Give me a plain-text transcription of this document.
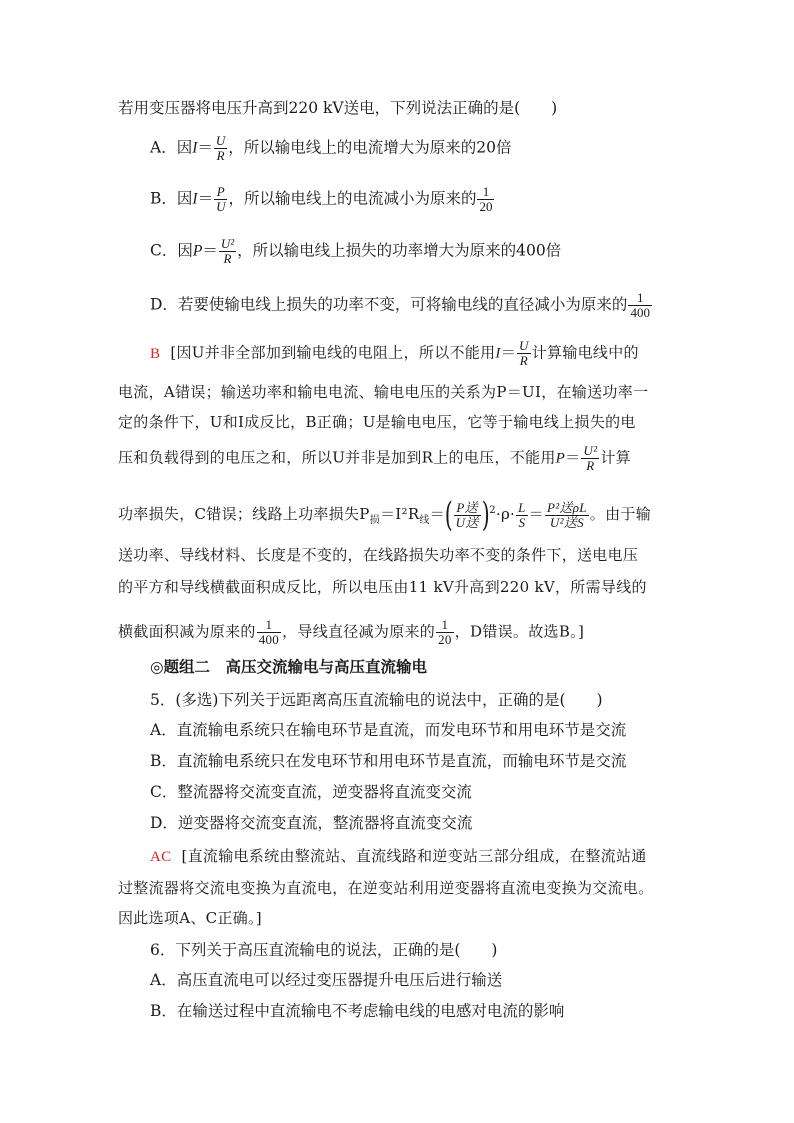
若用变压器将电压升高到220 kV送电，下列说法正确的是(　　)
A．因$I= \frac{U}{R}$ ，所以输电线上的电流增大为原来的20倍
B．因$I= \frac{P}{U}$ ，所以输电线上的电流减小为原来的 $\frac{1}{20}$
C．因$P= \frac{\text{U²}}{R}$ ，所以输电线上损失的功率增大为原来的400倍
D．若要使输电线上损失的功率不变，可将输电线的直径减小为原来的 $\frac{1}{400}$
B [因U并非全部加到输电线的电阻上，所以不能用$I= \frac{U}{R}$ 计算输电线中的
电流，A错误；输送功率和输电电流、输电电压的关系为P＝UI，在输送功率一
定的条件下，U和I成反比，B正确；U是输电电压，它等于输电线上损失的电
压和负载得到的电压之和，所以U并非是加到R上的电压，不能用$P= \frac{\text{U²}}{R}$ 计算
功率损失，C错误；线路上功率损失$P_损=I^2R_线=( \frac{\text{P送}}{\text{U送}} )^2\cdot\rho\cdot \frac{L}{S} = \frac{\text{P²送ρL}}{\text{U²送S}}$ 。由于输
送功率、导线材料、长度是不变的，在线路损失功率不变的条件下，送电电压
的平方和导线横截面积成反比，所以电压由11 kV升高到220 kV，所需导线的
横截面积减为原来的 $\frac{1}{400}$ ，导线直径减为原来的 $\frac{1}{20}$ ，D错误。故选B。]
◎题组二　高压交流输电与高压直流输电
5．(多选)下列关于远距离高压直流输电的说法中，正确的是(　　)
A．直流输电系统只在输电环节是直流，而发电环节和用电环节是交流
B．直流输电系统只在发电环节和用电环节是直流，而输电环节是交流
C．整流器将交流变直流，逆变器将直流变交流
D．逆变器将交流变直流，整流器将直流变交流
AC [直流输电系统由整流站、直流线路和逆变站三部分组成，在整流站通
过整流器将交流电变换为直流电，在逆变站利用逆变器将直流电变换为交流电。
因此选项A、C正确。]
6．下列关于高压直流输电的说法，正确的是(　　)
A．高压直流电可以经过变压器提升电压后进行输送
B．在输送过程中直流输电不考虑输电线的电感对电流的影响
